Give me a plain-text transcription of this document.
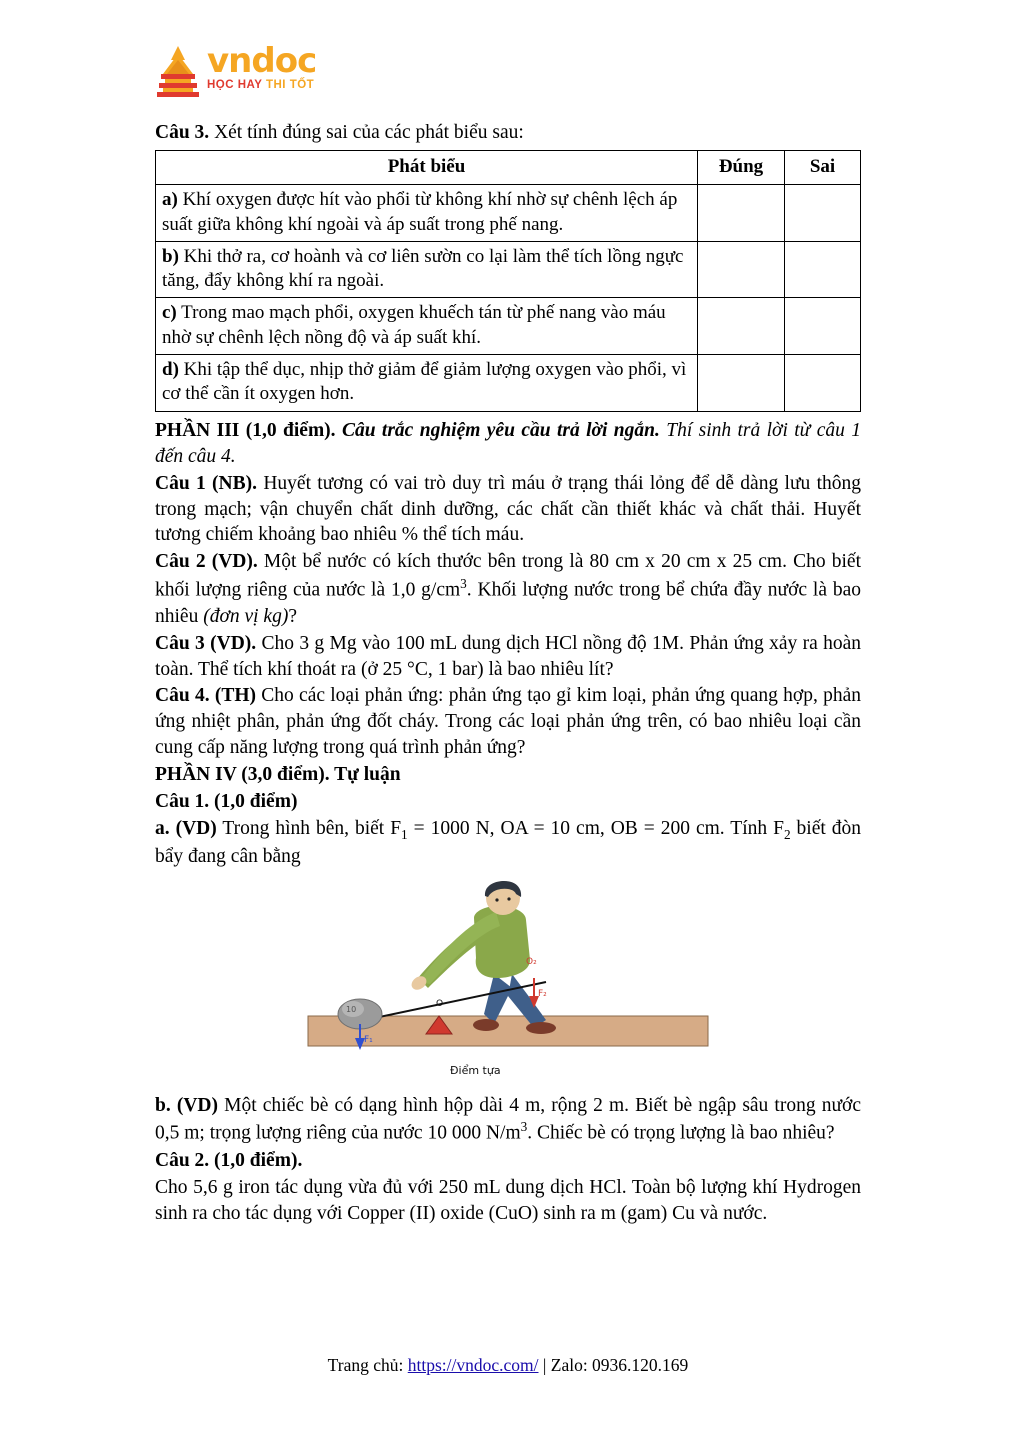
vndoc
HỌC HAY THI TỐT

Câu 3. Xét tính đúng sai của các phát biểu sau:

Phát biểu	Đúng	Sai
a) Khí oxygen được hít vào phổi từ không khí nhờ sự chênh lệch áp suất giữa không khí ngoài và áp suất trong phế nang.		
b) Khi thở ra, cơ hoành và cơ liên sườn co lại làm thể tích lồng ngực tăng, đẩy không khí ra ngoài.		
c) Trong mao mạch phổi, oxygen khuếch tán từ phế nang vào máu nhờ sự chênh lệch nồng độ và áp suất khí.		
d) Khi tập thể dục, nhịp thở giảm để giảm lượng oxygen vào phổi, vì cơ thể cần ít oxygen hơn.		

PHẦN III (1,0 điểm). Câu trắc nghiệm yêu cầu trả lời ngắn. Thí sinh trả lời từ câu 1 đến câu 4.

Câu 1 (NB). Huyết tương có vai trò duy trì máu ở trạng thái lỏng để dễ dàng lưu thông trong mạch; vận chuyển chất dinh dưỡng, các chất cần thiết khác và chất thải. Huyết tương chiếm khoảng bao nhiêu % thể tích máu.

Câu 2 (VD). Một bể nước có kích thước bên trong là 80 cm x 20 cm x 25 cm. Cho biết khối lượng riêng của nước là 1,0 $g/cm^3$. Khối lượng nước trong bể chứa đầy nước là bao nhiêu (đơn vị kg)?

Câu 3 (VD). Cho 3 g Mg vào 100 mL dung dịch HCl nồng độ 1M. Phản ứng xảy ra hoàn toàn. Thể tích khí thoát ra (ở 25 °C, 1 bar) là bao nhiêu lít?

Câu 4. (TH) Cho các loại phản ứng: phản ứng tạo gỉ kim loại, phản ứng quang hợp, phản ứng nhiệt phân, phản ứng đốt cháy. Trong các loại phản ứng trên, có bao nhiêu loại cần cung cấp năng lượng trong quá trình phản ứng?

PHẦN IV (3,0 điểm). Tự luận

Câu 1. (1,0 điểm)

a. (VD) Trong hình bên, biết $F_1 = 1000$ N, OA = 10 cm, OB = 200 cm. Tính $F_2$ biết đòn bẩy đang cân bằng

O
O₂
F₂
F₁
10
Điểm tựa

b. (VD) Một chiếc bè có dạng hình hộp dài 4 m, rộng 2 m. Biết bè ngập sâu trong nước 0,5 m; trọng lượng riêng của nước 10 000 $N/m^3$. Chiếc bè có trọng lượng là bao nhiêu?

Câu 2. (1,0 điểm).

Cho 5,6 g iron tác dụng vừa đủ với 250 mL dung dịch HCl. Toàn bộ lượng khí Hydrogen sinh ra cho tác dụng với Copper (II) oxide (CuO) sinh ra m (gam) Cu và nước.

Trang chủ: https://vndoc.com/ | Zalo: 0936.120.169
